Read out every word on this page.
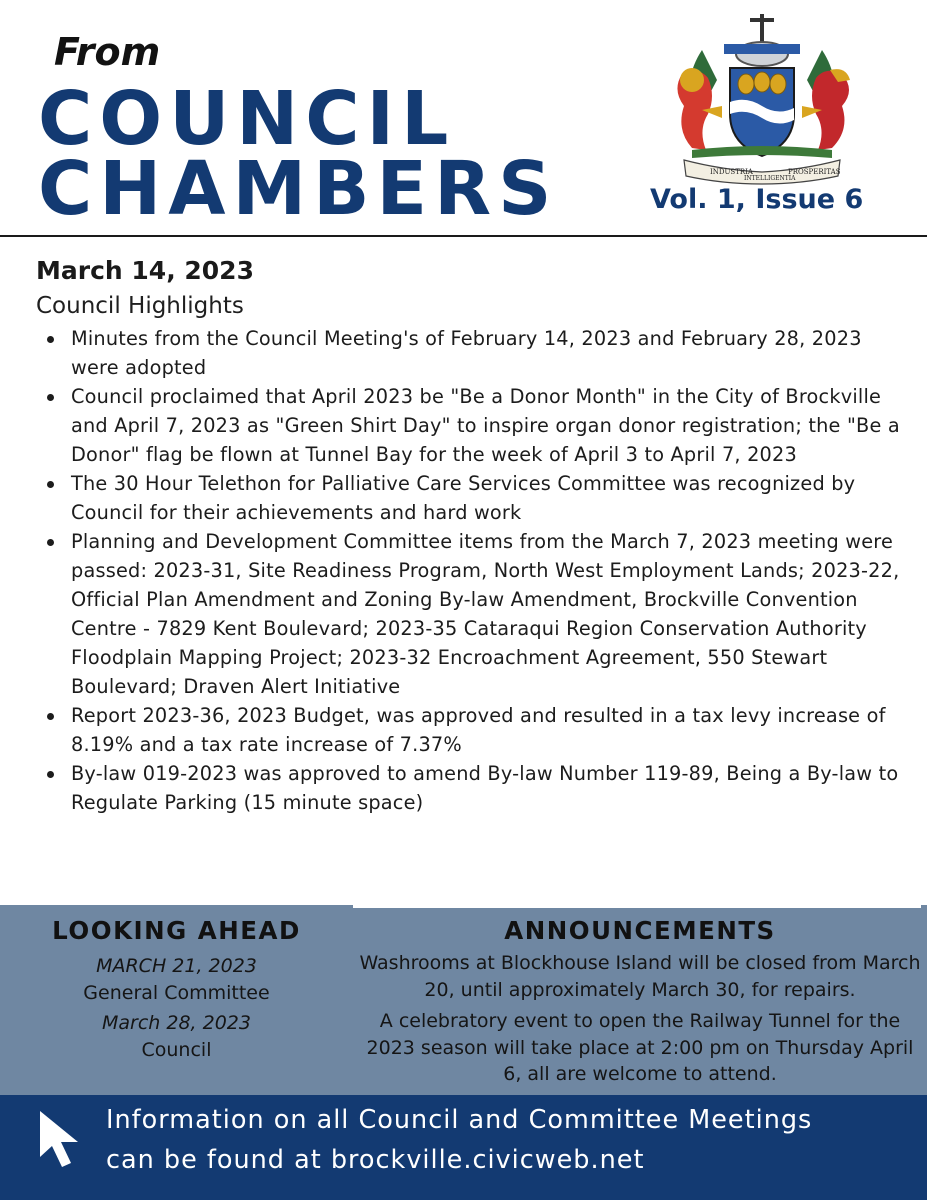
From
COUNCIL
CHAMBERS	INDUSTRIA
INTELLIGENTIA
PROSPERITAS
Vol. 1, Issue 6
March 14, 2023
Council Highlights
Minutes from the Council Meeting's of February 14, 2023 and February 28, 2023 were adopted
Council proclaimed that April 2023 be "Be a Donor Month" in the City of Brockville and April 7, 2023 as "Green Shirt Day" to inspire organ donor registration; the "Be a Donor" flag be flown at Tunnel Bay for the week of April 3 to April 7, 2023
The 30 Hour Telethon for Palliative Care Services Committee was recognized by Council for their achievements and hard work
Planning and Development Committee items from the March 7, 2023 meeting were passed: 2023-31, Site Readiness Program, North West Employment Lands; 2023-22, Official Plan Amendment and Zoning By-law Amendment, Brockville Convention Centre - 7829 Kent Boulevard; 2023-35 Cataraqui Region Conservation Authority Floodplain Mapping Project; 2023-32 Encroachment Agreement, 550 Stewart Boulevard; Draven Alert Initiative
Report 2023-36, 2023 Budget, was approved and resulted in a tax levy increase of 8.19% and a tax rate increase of 7.37%
By-law 019-2023 was approved to amend By-law Number 119-89, Being a By-law to Regulate Parking (15 minute space)
LOOKING AHEAD
MARCH 21, 2023
General Committee
March 28, 2023
Council
ANNOUNCEMENTS

Washrooms at Blockhouse Island will be closed from March 20, until approximately March 30, for repairs.

A celebratory event to open the Railway Tunnel for the 2023 season will take place at 2:00 pm on Thursday April 6, all are welcome to attend.

Information on all Council and Committee Meetings
can be found at brockville.civicweb.net
